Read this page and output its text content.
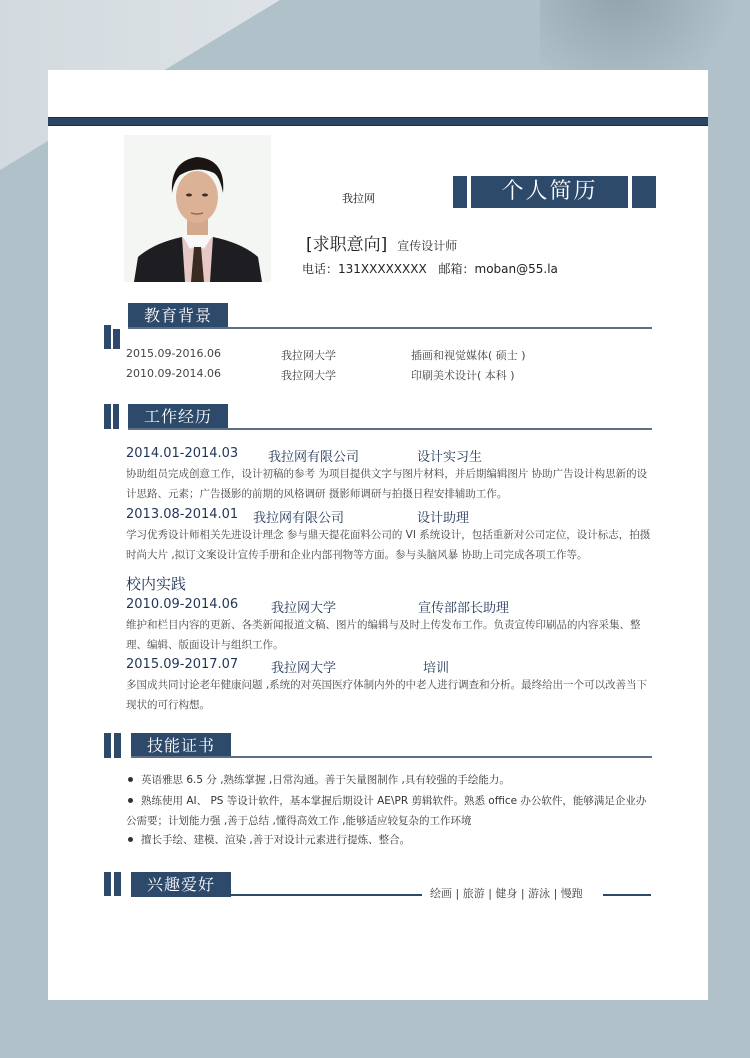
我拉网	个人简历
[求职意向] 宣传设计师
电话：131XXXXXXXX 邮箱：moban@55.la
教育背景
2015.09-2016.06	我拉网大学	插画和视觉媒体( 硕士 )
2010.09-2014.06	我拉网大学	印刷美术设计( 本科 )
工作经历
2014.01-2014.03	我拉网有限公司	设计实习生
协助组员完成创意工作，设计初稿的参考 为项目提供文字与图片材料，并后期编辑图片 协助广告设计构思新的设计思路、元素；广告摄影的前期的风格调研 摄影师调研与拍摄日程安排辅助工作。
2013.08-2014.01	我拉网有限公司	设计助理
学习优秀设计师相关先进设计理念 参与鼎天提花面料公司的 VI 系统设计，包括重新对公司定位，设计标志，拍摄时尚大片 ,拟订文案设计宣传手册和企业内部刊物等方面。参与头脑风暴 协助上司完成各项工作等。
校内实践
2010.09-2014.06	我拉网大学	宣传部部长助理
维护和栏目内容的更新、各类新闻报道文稿、图片的编辑与及时上传发布工作。负责宣传印刷品的内容采集、整理、编辑、版面设计与组织工作。
2015.09-2017.07	我拉网大学	培训
多国成共同讨论老年健康问题 ,系统的对英国医疗体制内外的中老人进行调查和分析。最终给出一个可以改善当下现状的可行构想。
技能证书
英语雅思 6.5 分 ,熟练掌握 ,日常沟通。善于矢量图制作 ,具有较强的手绘能力。
熟练使用 AI、 PS 等设计软件，基本掌握后期设计 AE\PR 剪辑软件。熟悉 office 办公软件，能够满足企业办公需要；计划能力强 ,善于总结 ,懂得高效工作 ,能够适应较复杂的工作环境
擅长手绘、建模、渲染 ,善于对设计元素进行提炼、整合。
兴趣爱好	绘画 | 旅游 | 健身 | 游泳 | 慢跑
